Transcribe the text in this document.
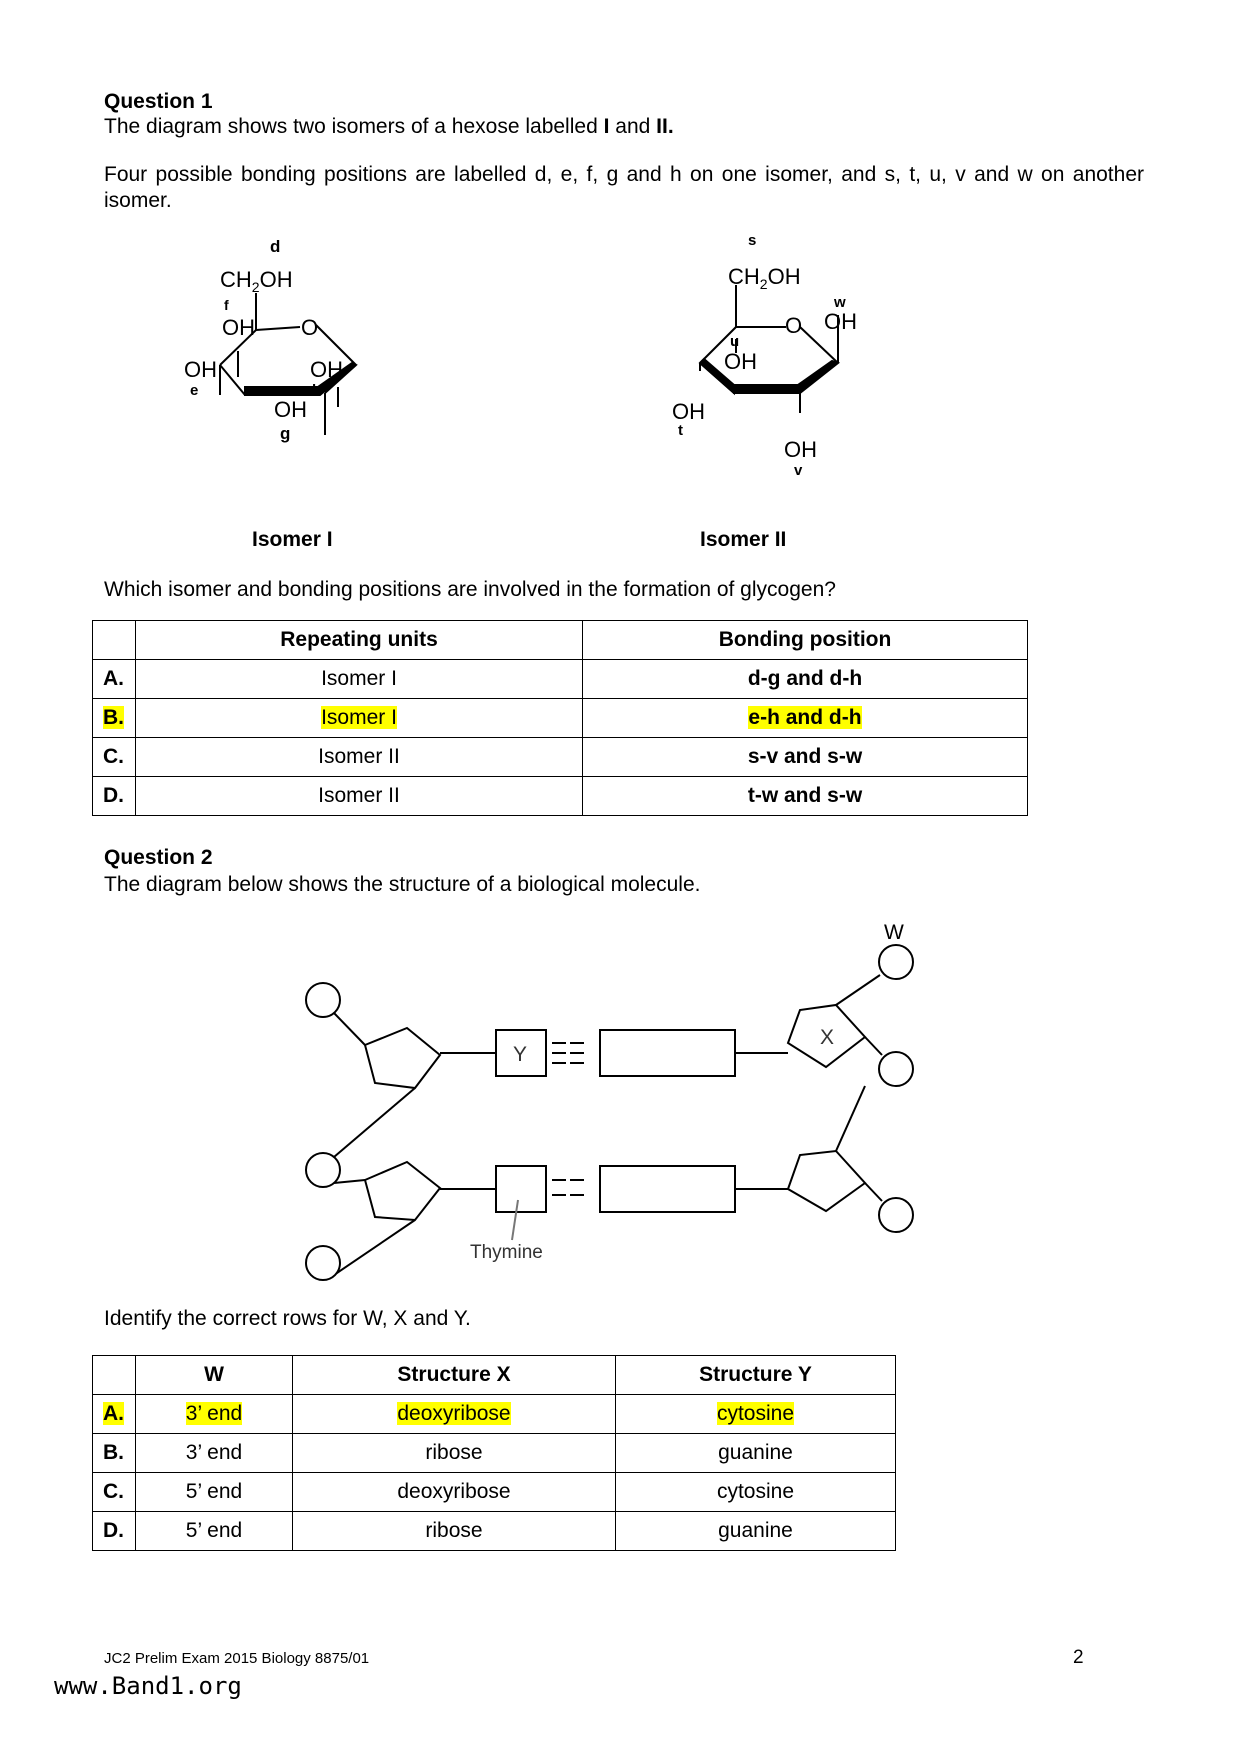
Question 1
The diagram shows two isomers of a hexose labelled I and II.
Four possible bonding positions are labelled d, e, f, g and h on one isomer, and s, t, u, v and w on another isomer.
d
$CH_2OH$
O
f
OH
OH
e
OH
h
OH
g
Isomer I
s
$CH_2OH$
w
OH
O
u
OH
OH
t
OH
v
Isomer II
Which isomer and bonding positions are involved in the formation of glycogen?
	Repeating units	Bonding position
A.	Isomer I	d-g and d-h
B.	Isomer I	e-h and d-h
C.	Isomer II	s-v and s-w
D.	Isomer II	t-w and s-w
Question 2
The diagram below shows the structure of a biological molecule.
W
X
Y
Thymine
Identify the correct rows for W, X and Y.
	W	Structure X	Structure Y
A.	3’ end	deoxyribose	cytosine
B.	3’ end	ribose	guanine
C.	5’ end	deoxyribose	cytosine
D.	5’ end	ribose	guanine
JC2 Prelim Exam 2015 Biology 8875/01	2
www.Band1.org
